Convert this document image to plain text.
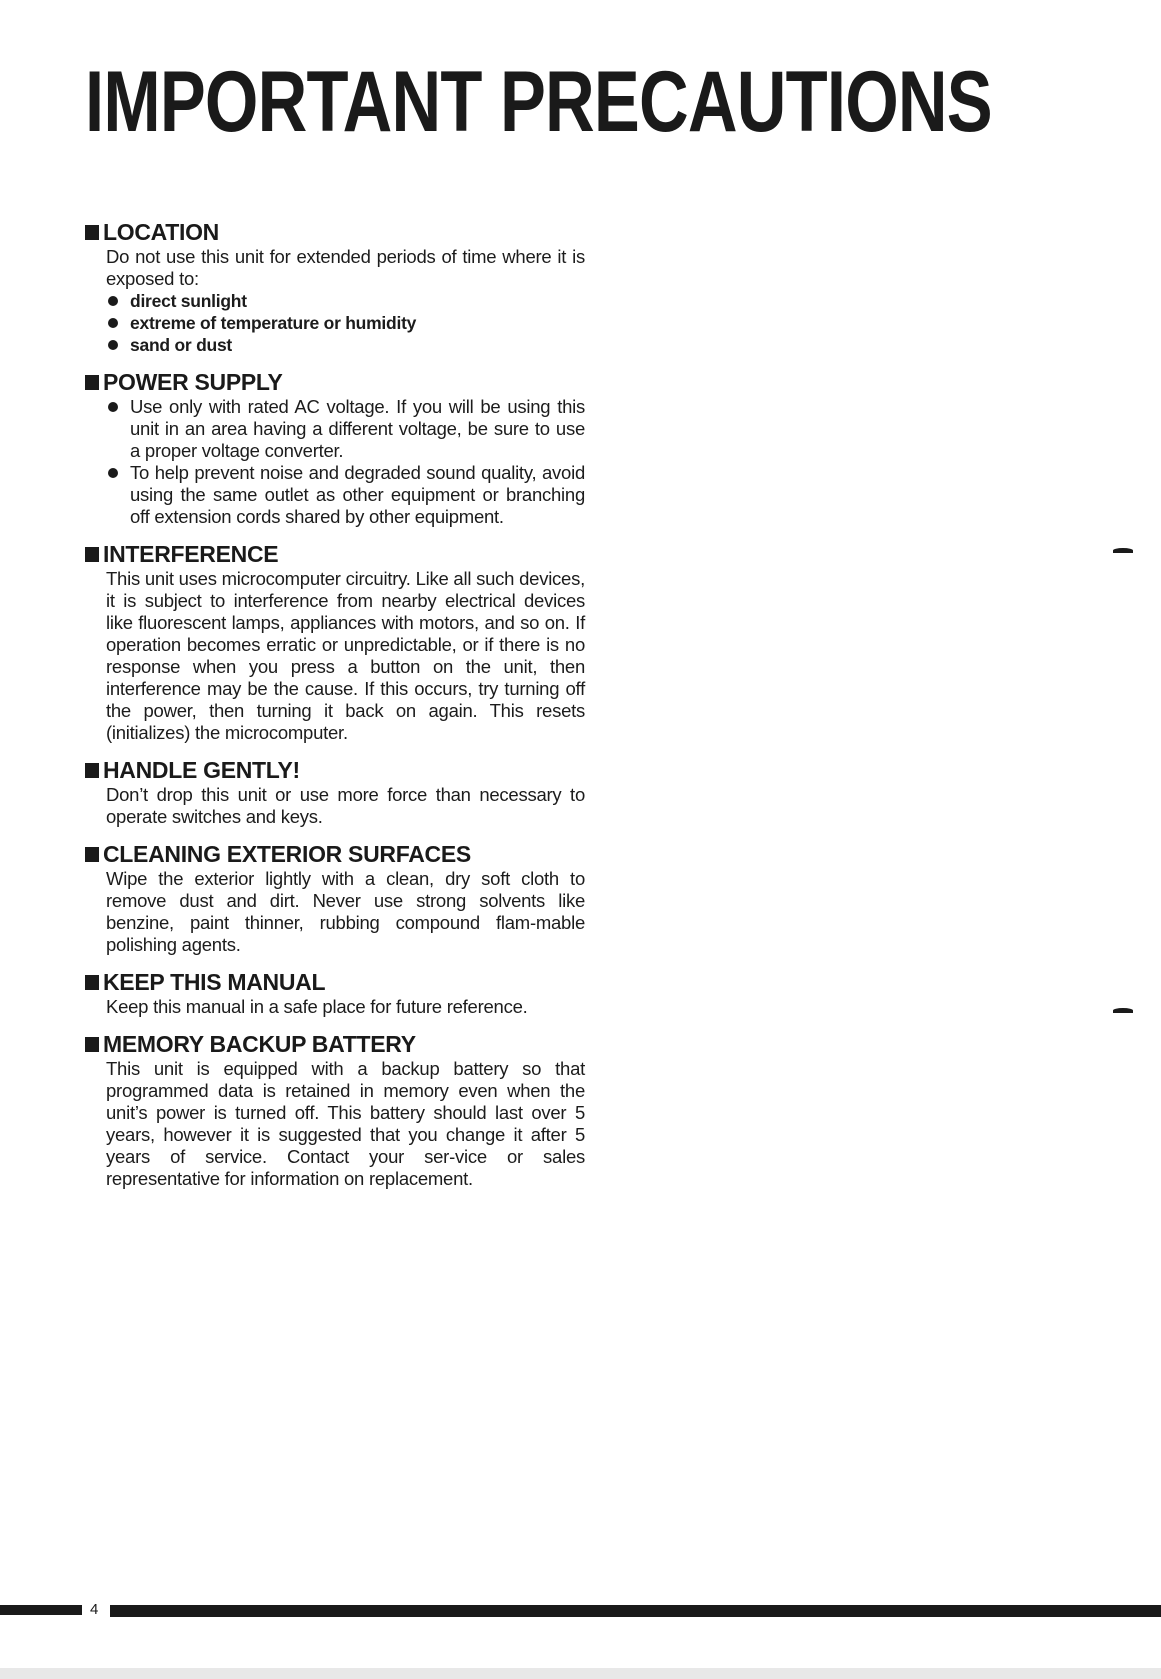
IMPORTANT PRECAUTIONS
LOCATION

Do not use this unit for extended periods of time where it is exposed to:

direct sunlight
extreme of temperature or humidity
sand or dust
POWER SUPPLY
Use only with rated AC voltage. If you will be using this unit in an area having a different voltage, be sure to use a proper voltage converter.
To help prevent noise and degraded sound quality, avoid using the same outlet as other equipment or branching off extension cords shared by other equipment.
INTERFERENCE

This unit uses microcomputer circuitry. Like all such devices, it is subject to interference from nearby electrical devices like fluorescent lamps, appliances with motors, and so on. If operation becomes erratic or unpredictable, or if there is no response when you press a button on the unit, then interference may be the cause. If this occurs, try turning off the power, then turning it back on again. This resets (initializes) the microcomputer.

HANDLE GENTLY!

Don’t drop this unit or use more force than necessary to operate switches and keys.

CLEANING EXTERIOR SURFACES

Wipe the exterior lightly with a clean, dry soft cloth to remove dust and dirt. Never use strong solvents like benzine, paint thinner, rubbing compound flam-mable polishing agents.

KEEP THIS MANUAL

Keep this manual in a safe place for future reference.

MEMORY BACKUP BATTERY

This unit is equipped with a backup battery so that programmed data is retained in memory even when the unit’s power is turned off. This battery should last over 5 years, however it is suggested that you change it after 5 years of service. Contact your ser-vice or sales representative for information on replacement.

4
